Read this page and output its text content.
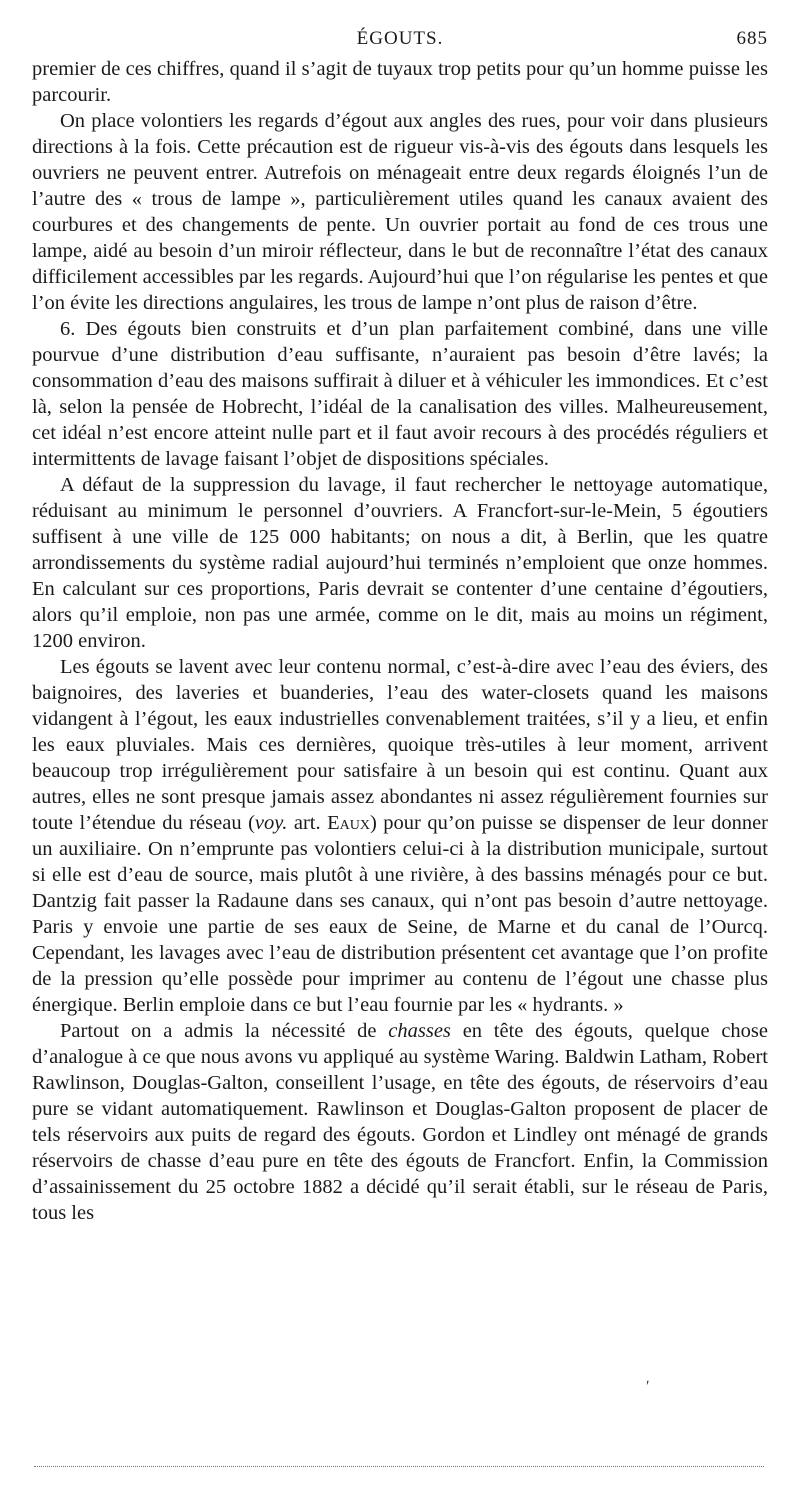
ÉGOUTS.	685

premier de ces chiffres, quand il s’agit de tuyaux trop petits pour qu’un homme puisse les parcourir.

On place volontiers les regards d’égout aux angles des rues, pour voir dans plusieurs directions à la fois. Cette précaution est de rigueur vis-à-vis des égouts dans lesquels les ouvriers ne peuvent entrer. Autrefois on ménageait entre deux regards éloignés l’un de l’autre des « trous de lampe », particulièrement utiles quand les canaux avaient des courbures et des changements de pente. Un ouvrier portait au fond de ces trous une lampe, aidé au besoin d’un miroir réflecteur, dans le but de reconnaître l’état des canaux difficilement accessibles par les regards. Aujourd’hui que l’on régularise les pentes et que l’on évite les directions angulaires, les trous de lampe n’ont plus de raison d’être.

6. Des égouts bien construits et d’un plan parfaitement combiné, dans une ville pourvue d’une distribution d’eau suffisante, n’auraient pas besoin d’être lavés; la consommation d’eau des maisons suffirait à diluer et à véhiculer les immondices. Et c’est là, selon la pensée de Hobrecht, l’idéal de la canalisation des villes. Malheureusement, cet idéal n’est encore atteint nulle part et il faut avoir recours à des procédés réguliers et intermittents de lavage faisant l’objet de dispositions spéciales.

A défaut de la suppression du lavage, il faut rechercher le nettoyage automatique, réduisant au minimum le personnel d’ouvriers. A Francfort-sur-le-Mein, 5 égoutiers suffisent à une ville de 125 000 habitants; on nous a dit, à Berlin, que les quatre arrondissements du système radial aujourd’hui terminés n’emploient que onze hommes. En calculant sur ces proportions, Paris devrait se contenter d’une centaine d’égoutiers, alors qu’il emploie, non pas une armée, comme on le dit, mais au moins un régiment, 1200 environ.

Les égouts se lavent avec leur contenu normal, c’est-à-dire avec l’eau des éviers, des baignoires, des laveries et buanderies, l’eau des water-closets quand les maisons vidangent à l’égout, les eaux industrielles convenablement traitées, s’il y a lieu, et enfin les eaux pluviales. Mais ces dernières, quoique très-utiles à leur moment, arrivent beaucoup trop irrégulièrement pour satisfaire à un besoin qui est continu. Quant aux autres, elles ne sont presque jamais assez abondantes ni assez régulièrement fournies sur toute l’étendue du réseau (voy. art. Eaux) pour qu’on puisse se dispenser de leur donner un auxiliaire. On n’emprunte pas volontiers celui-ci à la distribution municipale, surtout si elle est d’eau de source, mais plutôt à une rivière, à des bassins ménagés pour ce but. Dantzig fait passer la Radaune dans ses canaux, qui n’ont pas besoin d’autre nettoyage. Paris y envoie une partie de ses eaux de Seine, de Marne et du canal de l’Ourcq. Cependant, les lavages avec l’eau de distribution présentent cet avantage que l’on profite de la pression qu’elle possède pour imprimer au contenu de l’égout une chasse plus énergique. Berlin emploie dans ce but l’eau fournie par les « hydrants. »

Partout on a admis la nécessité de chasses en tête des égouts, quelque chose d’analogue à ce que nous avons vu appliqué au système Waring. Baldwin Latham, Robert Rawlinson, Douglas-Galton, conseillent l’usage, en tête des égouts, de réservoirs d’eau pure se vidant automatiquement. Rawlinson et Douglas-Galton proposent de placer de tels réservoirs aux puits de regard des égouts. Gordon et Lindley ont ménagé de grands réservoirs de chasse d’eau pure en tête des égouts de Francfort. Enfin, la Commission d’assainissement du 25 octobre 1882 a décidé qu’il serait établi, sur le réseau de Paris, tous les

ʹ
